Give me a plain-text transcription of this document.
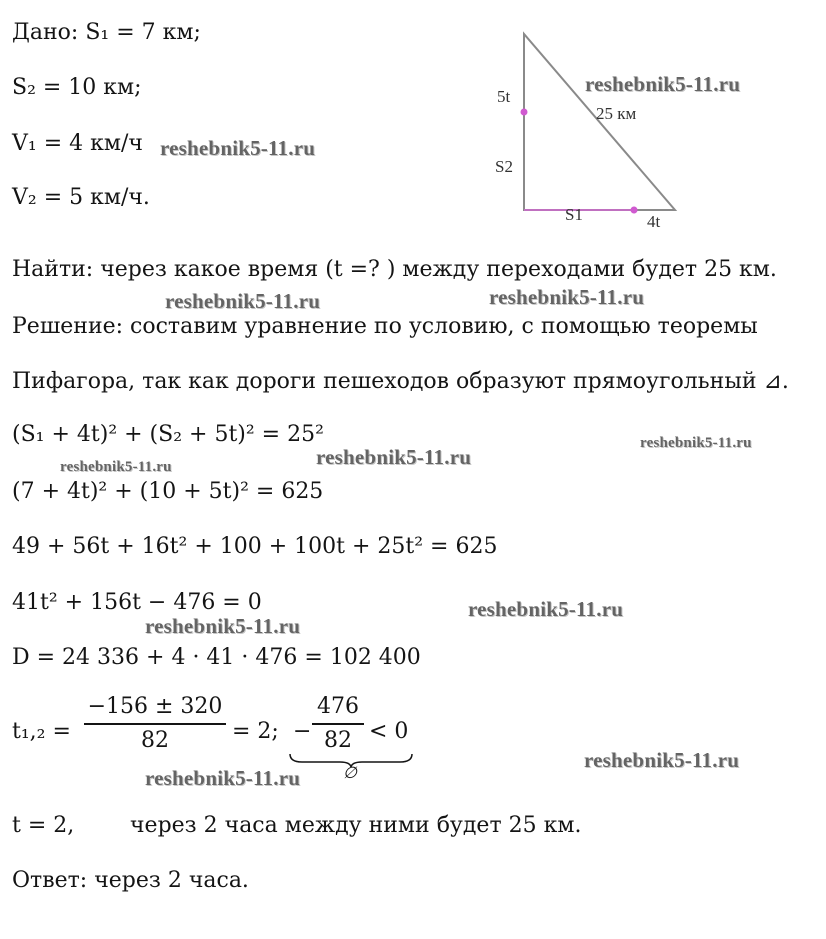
Дано: S₁ = 7 км;
S₂ = 10 км;
V₁ = 4 км/ч
V₂ = 5 км/ч.
5t
S2
25 км
S1	4t
Найти: через какое время (t =? ) между переходами будет 25 км.
Решение: составим уравнение по условию, с помощью теоремы
Пифагора, так как дороги пешеходов образуют прямоугольный ⊿.
(S₁ + 4t)² + (S₂ + 5t)² = 25²
(7 + 4t)² + (10 + 5t)² = 625
49 + 56t + 16t² + 100 + 100t + 25t² = 625
41t² + 156t − 476 = 0
D = 24 336 + 4 · 41 · 476 = 102 400
t₁,₂ =
−156 ± 320
82	= 2; −
476
82 < 0
∅
t = 2,	через 2 часа между ними будет 25 км.
Ответ: через 2 часа.
reshebnik5-11.ru
reshebnik5-11.ru
reshebnik5-11.ru	reshebnik5-11.ru
reshebnik5-11.ru
reshebnik5-11.ru	reshebnik5-11.ru
reshebnik5-11.ru
reshebnik5-11.ru
reshebnik5-11.ru
reshebnik5-11.ru
